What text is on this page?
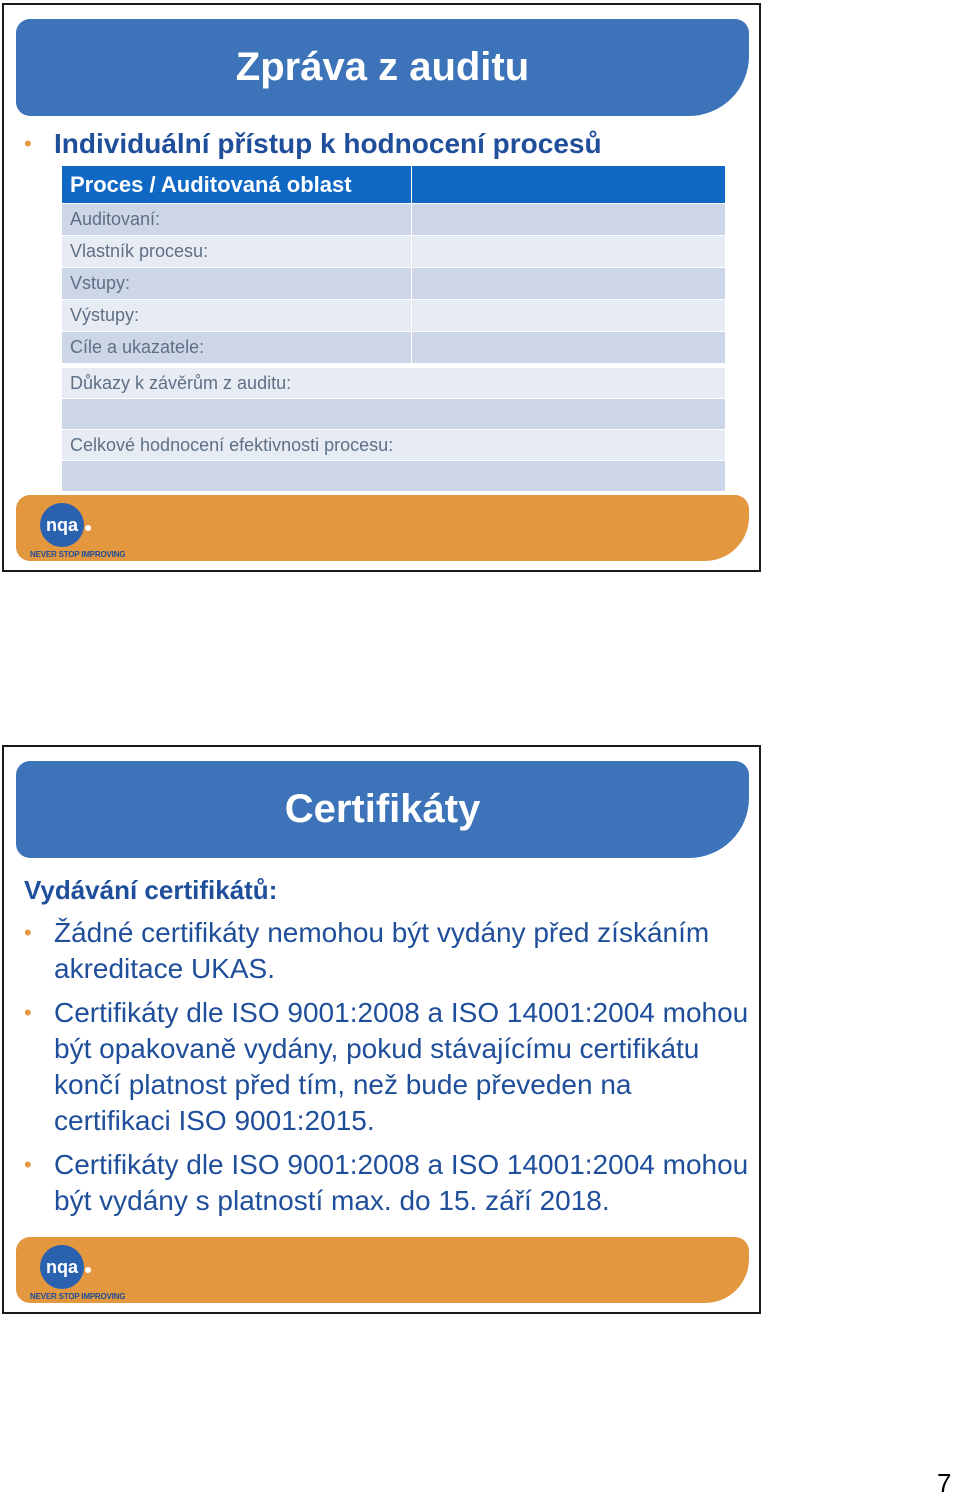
Zpráva z auditu
• Individuální přístup k hodnocení procesů
Proces / Auditovaná oblast	
Auditovaní:	
Vlastník procesu:	
Vstupy:	
Výstupy:	
Cíle a ukazatele:	
Důkazy k závěrům z auditu:

Celkové hodnocení efektivnosti procesu:

nqa
NEVER STOP IMPROVING
Certifikáty
Vydávání certifikátů:
• Žádné certifikáty nemohou být vydány před získáním akreditace UKAS.
• Certifikáty dle ISO 9001:2008 a ISO 14001:2004 mohou být opakovaně vydány, pokud stávajícímu certifikátu končí platnost před tím, než bude převeden na certifikaci ISO 9001:2015.
• Certifikáty dle ISO 9001:2008 a ISO 14001:2004 mohou být vydány s platností max. do 15. září 2018.
nqa
NEVER STOP IMPROVING
7
